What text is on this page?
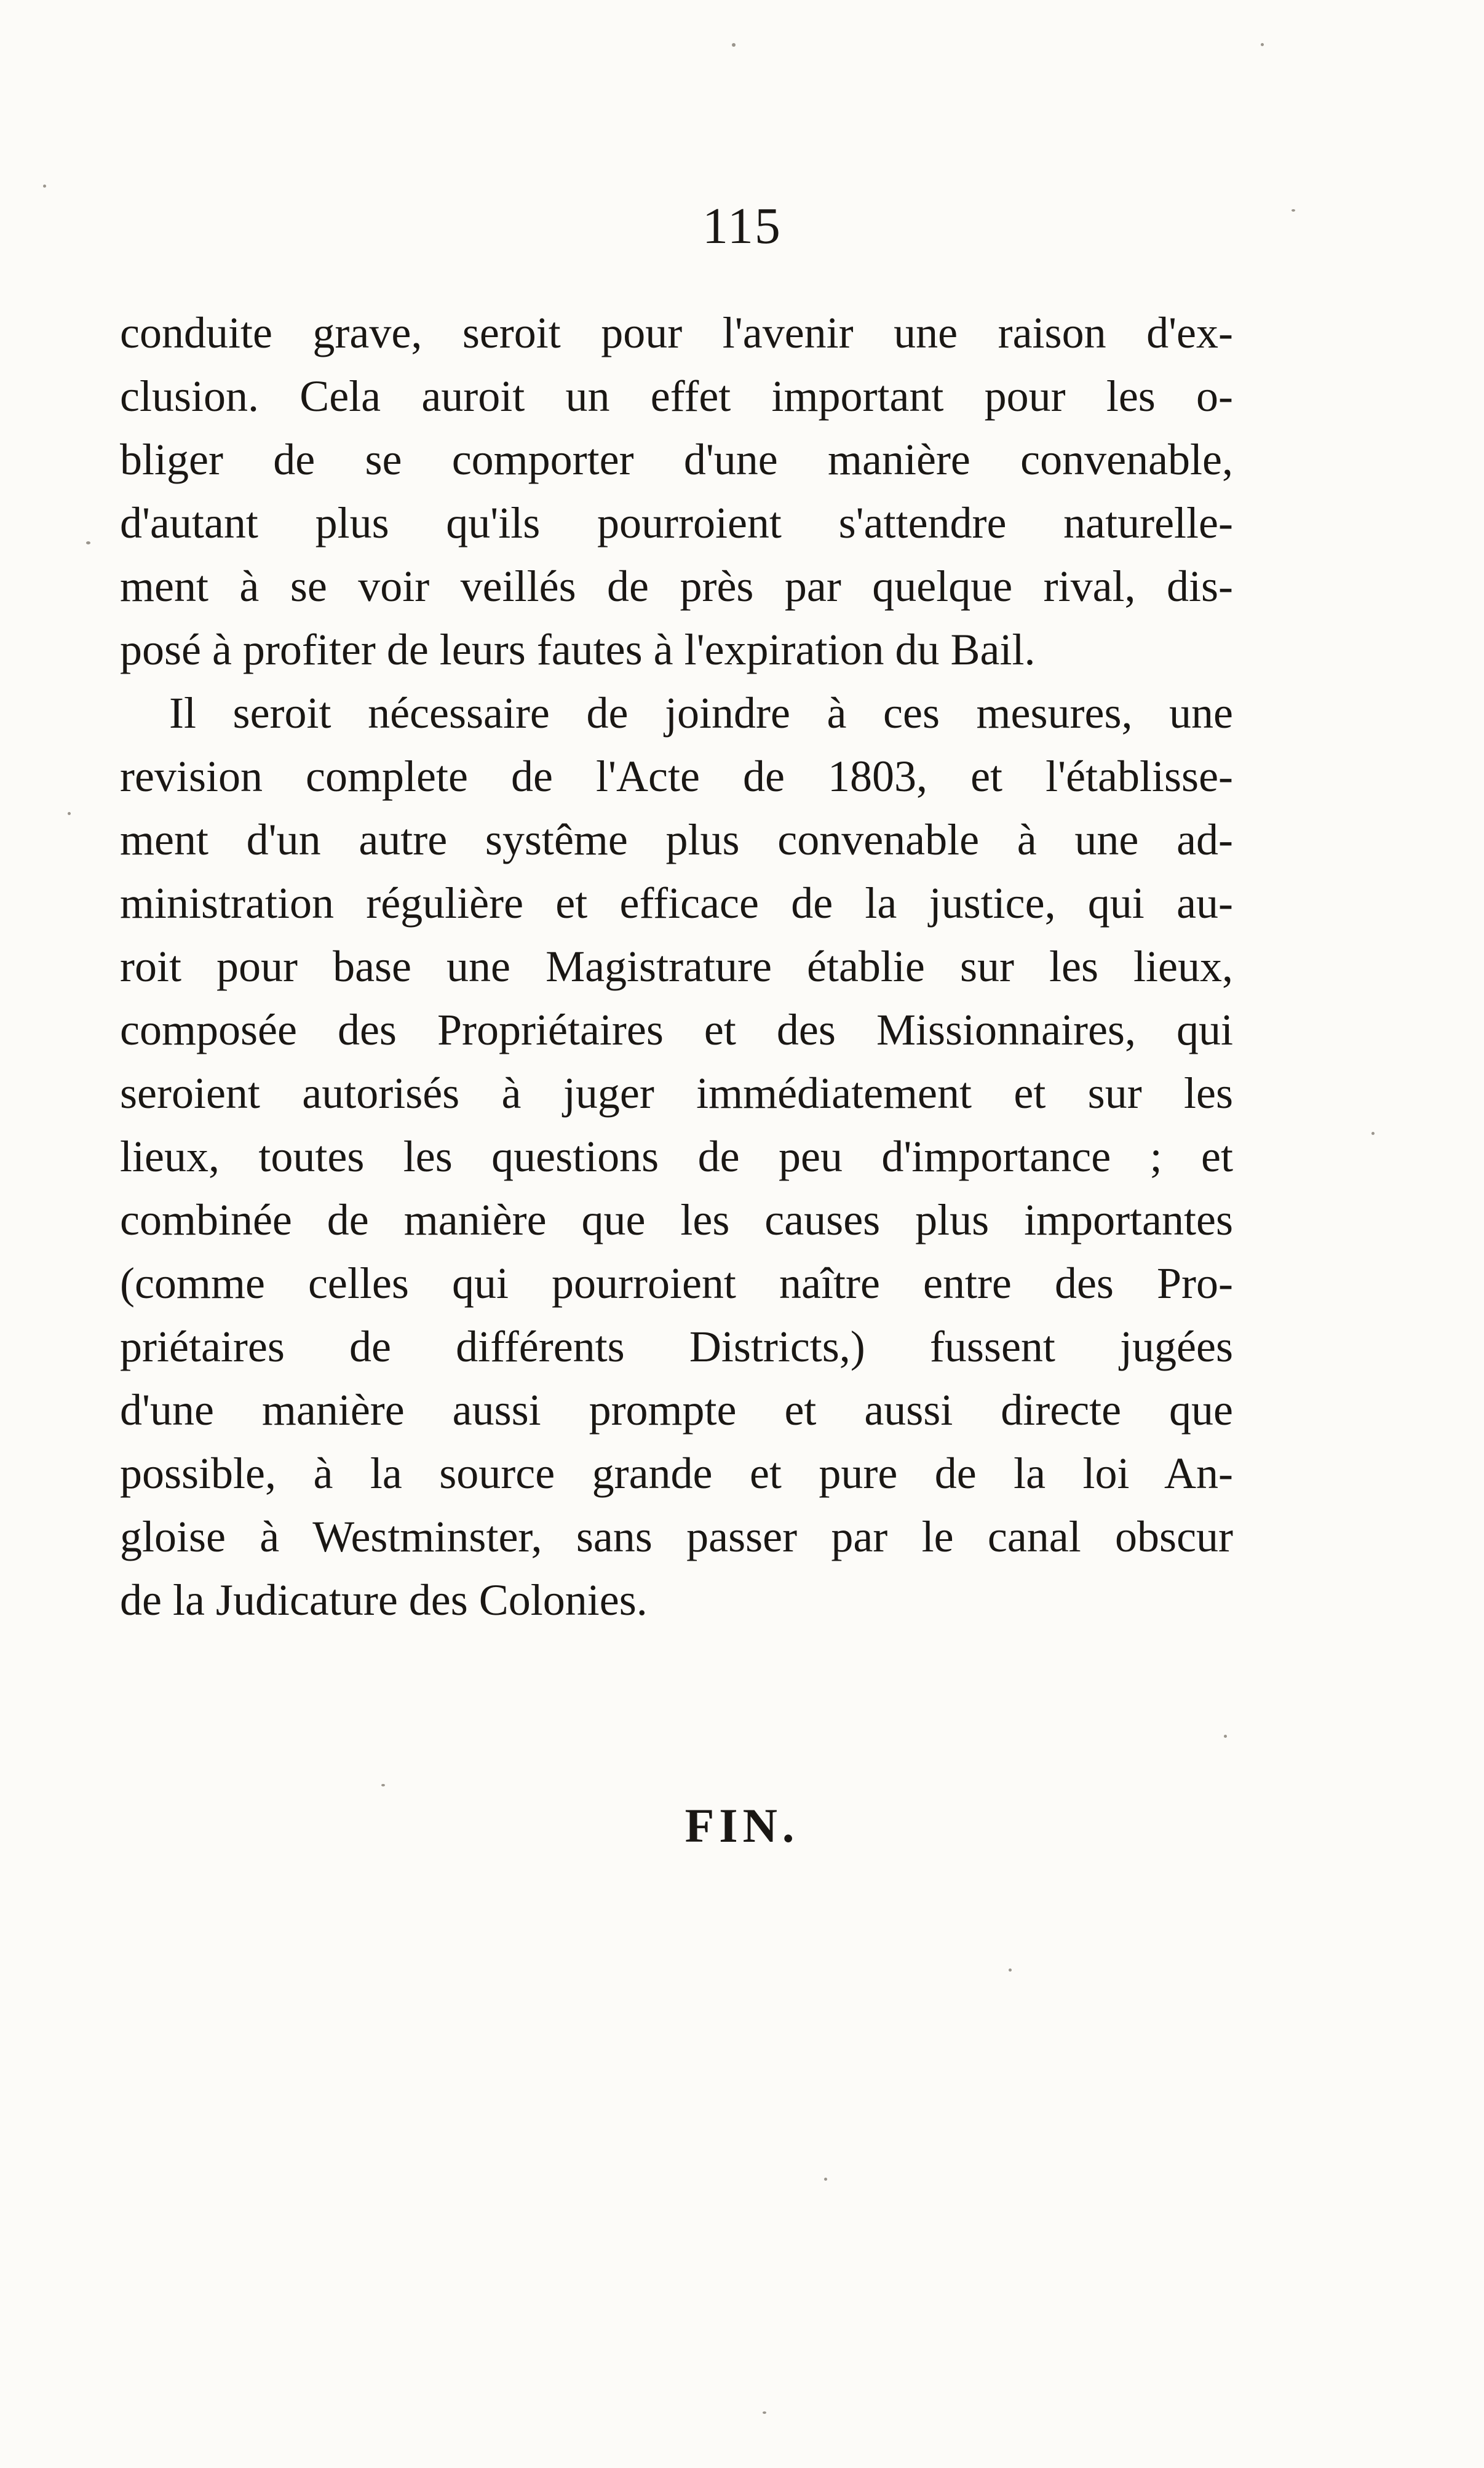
115
conduite grave, seroit pour l'avenir une raison d'ex-
clusion. Cela auroit un effet important pour les o-
bliger de se comporter d'une manière convenable,
d'autant plus qu'ils pourroient s'attendre naturelle-
ment à se voir veillés de près par quelque rival, dis-
posé à profiter de leurs fautes à l'expiration du Bail.
Il seroit nécessaire de joindre à ces mesures, une
revision complete de l'Acte de 1803, et l'établisse-
ment d'un autre systême plus convenable à une ad-
ministration régulière et efficace de la justice, qui au-
roit pour base une Magistrature établie sur les lieux,
composée des Propriétaires et des Missionnaires, qui
seroient autorisés à juger immédiatement et sur les
lieux, toutes les questions de peu d'importance ; et
combinée de manière que les causes plus importantes
(comme celles qui pourroient naître entre des Pro-
priétaires de différents Districts,) fussent jugées
d'une manière aussi prompte et aussi directe que
possible, à la source grande et pure de la loi An-
gloise à Westminster, sans passer par le canal obscur
de la Judicature des Colonies.
FIN.
